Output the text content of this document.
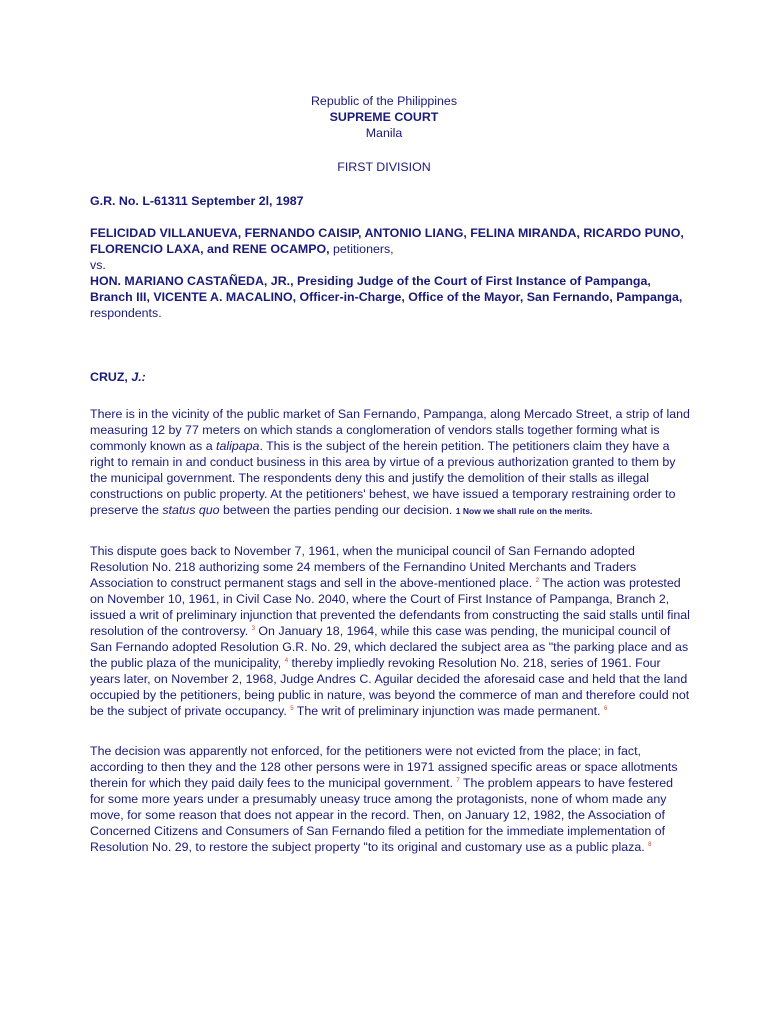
Republic of the Philippines
SUPREME COURT
Manila
FIRST DIVISION
G.R. No. L-61311 September 2l, 1987
FELICIDAD VILLANUEVA, FERNANDO CAISIP, ANTONIO LIANG, FELINA MIRANDA, RICARDO PUNO, FLORENCIO LAXA, and RENE OCAMPO, petitioners,
vs.
HON. MARIANO CASTAÑEDA, JR., Presiding Judge of the Court of First Instance of Pampanga, Branch III, VICENTE A. MACALINO, Officer-in-Charge, Office of the Mayor, San Fernando, Pampanga, respondents.
CRUZ, J.:

There is in the vicinity of the public market of San Fernando, Pampanga, along Mercado Street, a strip of land measuring 12 by 77 meters on which stands a conglomeration of vendors stalls together forming what is commonly known as a talipapa. This is the subject of the herein petition. The petitioners claim they have a right to remain in and conduct business in this area by virtue of a previous authorization granted to them by the municipal government. The respondents deny this and justify the demolition of their stalls as illegal constructions on public property. At the petitioners' behest, we have issued a temporary restraining order to preserve the status quo between the parties pending our decision. 1 Now we shall rule on the merits.

This dispute goes back to November 7, 1961, when the municipal council of San Fernando adopted Resolution No. 218 authorizing some 24 members of the Fernandino United Merchants and Traders Association to construct permanent stags and sell in the above-mentioned place. $^2$ The action was protested on November 10, 1961, in Civil Case No. 2040, where the Court of First Instance of Pampanga, Branch 2, issued a writ of preliminary injunction that prevented the defendants from constructing the said stalls until final resolution of the controversy. $^3$ On January 18, 1964, while this case was pending, the municipal council of San Fernando adopted Resolution G.R. No. 29, which declared the subject area as "the parking place and as the public plaza of the municipality, $^4$ thereby impliedly revoking Resolution No. 218, series of 1961. Four years later, on November 2, 1968, Judge Andres C. Aguilar decided the aforesaid case and held that the land occupied by the petitioners, being public in nature, was beyond the commerce of man and therefore could not be the subject of private occupancy. $^5$ The writ of preliminary injunction was made permanent. $^6$

The decision was apparently not enforced, for the petitioners were not evicted from the place; in fact, according to then they and the 128 other persons were in 1971 assigned specific areas or space allotments therein for which they paid daily fees to the municipal government. $^7$ The problem appears to have festered for some more years under a presumably uneasy truce among the protagonists, none of whom made any move, for some reason that does not appear in the record. Then, on January 12, 1982, the Association of Concerned Citizens and Consumers of San Fernando filed a petition for the immediate implementation of Resolution No. 29, to restore the subject property "to its original and customary use as a public plaza. $^8$
